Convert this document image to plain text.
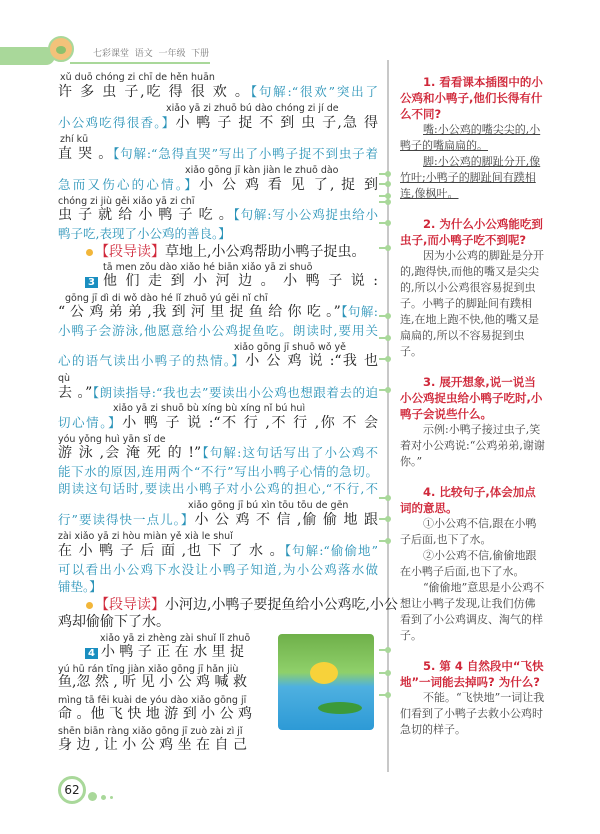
七彩课堂  语文  一年级  下册
xǔ duō chóng zi chī de hěn huān
许 多 虫 子,吃 得 很 欢 。【句解:“很欢”突出了
xiǎo yā zi zhuō bú dào chóng zi jí de
小公鸡吃得很香。】小 鸭 子 捉 不 到 虫 子,急 得
zhí kū
直 哭 。【句解:“急得直哭”写出了小鸭子捉不到虫子着
xiǎo gōng jī kàn jiàn le zhuō dào
急而又伤心的心情。】小 公 鸡 看 见 了, 捉 到
chóng zi jiù gěi xiǎo yā zi chī
虫 子 就 给 小 鸭 子 吃 。【句解:写小公鸡捉虫给小
鸭子吃,表现了小公鸡的善良。】
【段导读】草地上,小公鸡帮助小鸭子捉虫。
tā men zǒu dào xiǎo hé biān xiǎo yā zi shuō
3 他 们 走 到 小 河 边 。 小 鸭 子 说 :
gōng jī dì di wǒ dào hé lǐ zhuō yú gěi nǐ chī
“ 公 鸡 弟 弟 ,我 到 河 里 捉 鱼 给 你 吃 。”【句解:
小鸭子会游泳,他愿意给小公鸡捉鱼吃。朗读时,要用关
xiǎo gōng jī shuō wǒ yě
心的语气读出小鸭子的热情。】小 公 鸡 说 :“我 也
qù
去 。”【朗读指导:“我也去”要读出小公鸡也想跟着去的迫
xiǎo yā zi shuō bù xíng bù xíng nǐ bú huì
切心情。】小 鸭 子 说 :“不 行 ,不 行 ,你 不 会
yóu yǒng huì yān sǐ de
游 泳 ,会 淹 死 的 !”【句解:这句话写出了小公鸡不
能下水的原因,连用两个“不行”写出小鸭子心情的急切。
朗读这句话时,要读出小鸭子对小公鸡的担心,“不行,不
xiǎo gōng jī bú xìn tōu tōu de gēn
行”要读得快一点儿。】小 公 鸡 不 信 ,偷 偷 地 跟
zài xiǎo yā zi hòu miàn yě xià le shuǐ
在 小 鸭 子 后 面 ,也 下 了 水 。【句解:“偷偷地”
可以看出小公鸡下水没让小鸭子知道,为小公鸡落水做
铺垫。】
【段导读】小河边,小鸭子要捉鱼给小公鸡吃,小公
鸡却偷偷下了水。
xiǎo yā zi zhèng zài shuǐ lǐ zhuō
4 小 鸭 子 正 在 水 里 捉
yú hū rán tīng jiàn xiǎo gōng jī hǎn jiù
鱼,忽 然 , 听 见 小 公 鸡 喊 救
mìng tā fēi kuài de yóu dào xiǎo gōng jī
命 。他 飞 快 地 游 到 小 公 鸡
shēn biān ràng xiǎo gōng jī zuò zài zì jǐ
身 边 , 让 小 公 鸡 坐 在 自 己
1. 看看课本插图中的小公鸡和小鸭子,他们长得有什么不同?
嘴:小公鸡的嘴尖尖的,小鸭子的嘴扁扁的。
脚:小公鸡的脚趾分开,像竹叶;小鸭子的脚趾间有蹼相连,像枫叶。
2. 为什么小公鸡能吃到虫子,而小鸭子吃不到呢?
因为小公鸡的脚趾是分开的,跑得快,而他的嘴又是尖尖的,所以小公鸡很容易捉到虫子。小鸭子的脚趾间有蹼相连,在地上跑不快,他的嘴又是扁扁的,所以不容易捉到虫子。
3. 展开想象,说一说当小公鸡捉虫给小鸭子吃时,小鸭子会说些什么。
示例:小鸭子接过虫子,笑着对小公鸡说:“公鸡弟弟,谢谢你。”
4. 比较句子,体会加点词的意思。
①小公鸡不信,跟在小鸭子后面,也下了水。
②小公鸡不信,偷偷地跟在小鸭子后面,也下了水。
“偷偷地”意思是小公鸡不想让小鸭子发现,让我们仿佛看到了小公鸡调皮、淘气的样子。
5. 第 4 自然段中“飞快地”一词能去掉吗? 为什么?
不能。“飞快地”一词让我们看到了小鸭子去救小公鸡时急切的样子。
62
